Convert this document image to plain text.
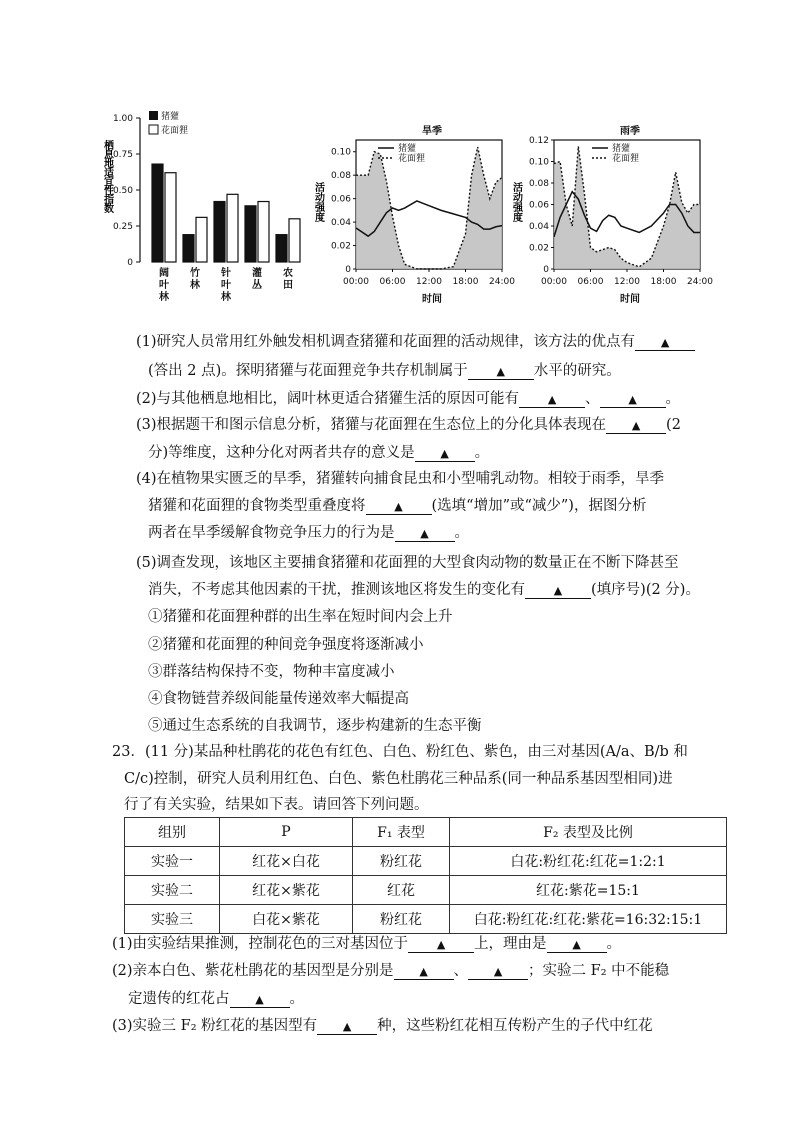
栖息地适宜性指数
1.00
0.75
0.50
0.25
0
猪獾
花面狸
阔
叶
林
竹
林
针
叶
林
灌
丛
农
田
旱季
活动强度
0.10
0.08
0.06
0.04
0.02
0
00:00 06:00 12:00 18:00 24:00
猪獾
花面狸
时间
雨季
活动强度
0.12
0.10
0.08
0.06
0.04
0.02
0
00:00 06:00 12:00 18:00 24:00
猪獾
花面狸
时间
(1)研究人员常用红外触发相机调查猪獾和花面狸的活动规律，该方法的优点有 ▲
(答出 2 点)。探明猪獾与花面狸竞争共存机制属于	▲ 水平的研究。
(2)与其他栖息地相比，阔叶林更适合猪獾生活的原因可能有	▲ 、	▲ 。
(3)根据题干和图示信息分析，猪獾与花面狸在生态位上的分化具体表现在 ▲ (2
分)等维度，这种分化对两者共存的意义是 ▲ 。
(4)在植物果实匮乏的旱季，猪獾转向捕食昆虫和小型哺乳动物。相较于雨季，旱季
猪獾和花面狸的食物类型重叠度将	▲ (选填“增加”或“减少”)，据图分析
两者在旱季缓解食物竞争压力的行为是 ▲ 。
(5)调查发现，该地区主要捕食猪獾和花面狸的大型食肉动物的数量正在不断下降甚至
消失，不考虑其他因素的干扰，推测该地区将发生的变化有	▲ (填序号)(2 分)。
①猪獾和花面狸种群的出生率在短时间内会上升
②猪獾和花面狸的种间竞争强度将逐渐减小
③群落结构保持不变，物种丰富度减小
④食物链营养级间能量传递效率大幅提高
⑤通过生态系统的自我调节，逐步构建新的生态平衡
23．(11 分)某品种杜鹃花的花色有红色、白色、粉红色、紫色，由三对基因(A/a、B/b 和
C/c)控制，研究人员利用红色、白色、紫色杜鹃花三种品系(同一种品系基因型相同)进
行了有关实验，结果如下表。请回答下列问题。
组别	P	F₁ 表型	F₂ 表型及比例
实验一	红花×白花	粉红花	白花:粉红花:红花=1:2:1
实验二	红花×紫花	红花	红花:紫花=15:1
实验三	白花×紫花	粉红花	白花:粉红花:红花:紫花=16:32:15:1
(1)由实验结果推测，控制花色的三对基因位于	▲ 上，理由是 ▲ 。
(2)亲本白色、紫花杜鹃花的基因型是分别是 ▲ 、 ▲ ；实验二 F₂ 中不能稳
定遗传的红花占 ▲ 。
(3)实验三 F₂ 粉红花的基因型有 ▲ 种，这些粉红花相互传粉产生的子代中红花
